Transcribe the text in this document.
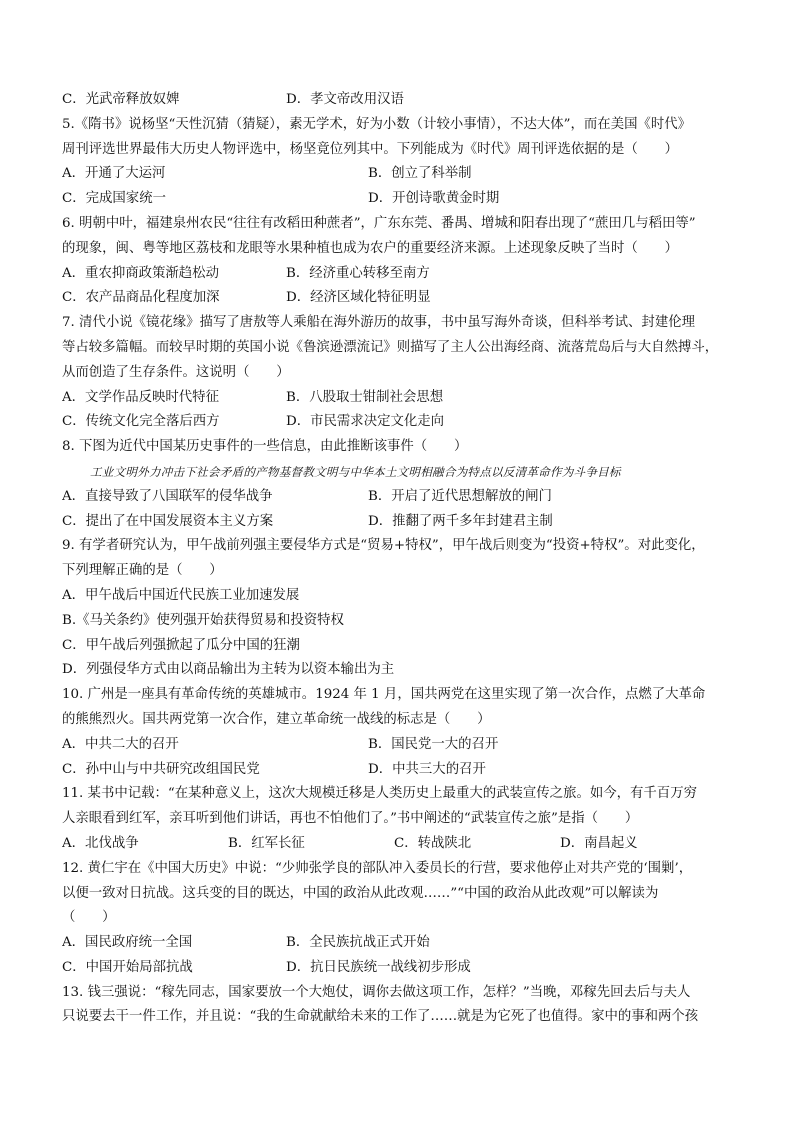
C．光武帝释放奴婢	D．孝文帝改用汉语
5.《隋书》说杨坚“天性沉猜（猜疑），素无学术，好为小数（计较小事情），不达大体”，而在美国《时代》
周刊评选世界最伟大历史人物评选中，杨坚竟位列其中。下列能成为《时代》周刊评选依据的是（　　）
A．开通了大运河	B．创立了科举制
C．完成国家统一	D．开创诗歌黄金时期
6. 明朝中叶，福建泉州农民“往往有改稻田种蔗者”，广东东莞、番禺、增城和阳春出现了“蔗田几与稻田等”
的现象，闽、粤等地区荔枝和龙眼等水果种植也成为农户的重要经济来源。上述现象反映了当时（　　）
A．重农抑商政策渐趋松动	B．经济重心转移至南方
C．农产品商品化程度加深	D．经济区域化特征明显
7. 清代小说《镜花缘》描写了唐敖等人乘船在海外游历的故事，书中虽写海外奇谈，但科举考试、封建伦理
等占较多篇幅。而较早时期的英国小说《鲁滨逊漂流记》则描写了主人公出海经商、流落荒岛后与大自然搏斗，
从而创造了生存条件。这说明（　　）
A．文学作品反映时代特征	B．八股取士钳制社会思想
C．传统文化完全落后西方	D．市民需求决定文化走向
8. 下图为近代中国某历史事件的一些信息，由此推断该事件（　　）
工业文明外力冲击下社会矛盾的产物基督教文明与中华本土文明相融合为特点以反清革命作为斗争目标
A．直接导致了八国联军的侵华战争	B．开启了近代思想解放的闸门
C．提出了在中国发展资本主义方案	D．推翻了两千多年封建君主制
9. 有学者研究认为，甲午战前列强主要侵华方式是“贸易+特权”，甲午战后则变为“投资+特权”。对此变化，
下列理解正确的是（　　）
A．甲午战后中国近代民族工业加速发展
B.《马关条约》使列强开始获得贸易和投资特权
C．甲午战后列强掀起了瓜分中国的狂潮
D．列强侵华方式由以商品输出为主转为以资本输出为主
10. 广州是一座具有革命传统的英雄城市。1924 年 1 月，国共两党在这里实现了第一次合作，点燃了大革命
的熊熊烈火。国共两党第一次合作，建立革命统一战线的标志是（　　）
A．中共二大的召开	B．国民党一大的召开
C．孙中山与中共研究改组国民党	D．中共三大的召开
11. 某书中记载：“在某种意义上，这次大规模迁移是人类历史上最重大的武装宣传之旅。如今，有千百万穷
人亲眼看到红军，亲耳听到他们讲话，再也不怕他们了。”书中阐述的“武装宣传之旅”是指（　　）
A．北伐战争	B．红军长征	C．转战陕北	D．南昌起义
12. 黄仁宇在《中国大历史》中说：“少帅张学良的部队冲入委员长的行营，要求他停止对共产党的‘围剿’，
以便一致对日抗战。这兵变的目的既达，中国的政治从此改观……”“中国的政治从此改观”可以解读为
（　　）
A．国民政府统一全国	B．全民族抗战正式开始
C．中国开始局部抗战	D．抗日民族统一战线初步形成
13. 钱三强说：“稼先同志，国家要放一个大炮仗，调你去做这项工作，怎样？”当晚，邓稼先回去后与夫人
只说要去干一件工作，并且说：“我的生命就献给未来的工作了……就是为它死了也值得。家中的事和两个孩
